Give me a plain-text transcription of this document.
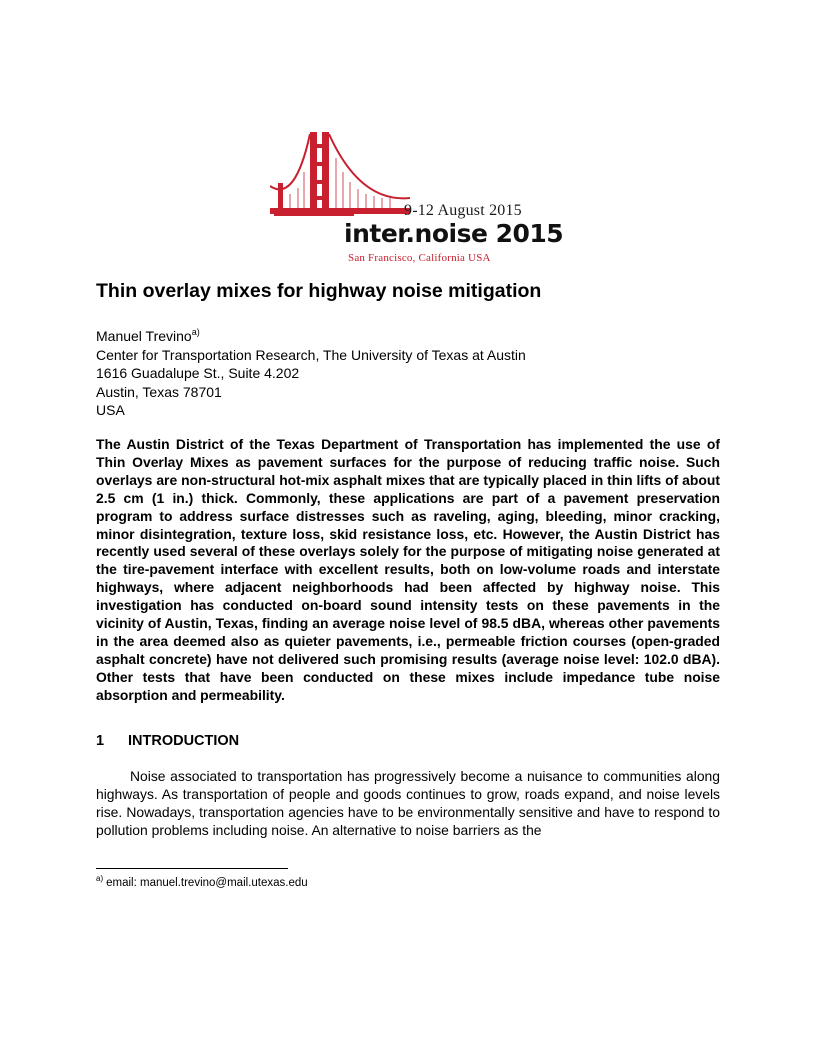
9-12 August 2015
inter.noise 2015
San Francisco, California USA
Thin overlay mixes for highway noise mitigation
Manuel Trevino$^{a)}$
Center for Transportation Research, The University of Texas at Austin
1616 Guadalupe St., Suite 4.202
Austin, Texas 78701
USA
The Austin District of the Texas Department of Transportation has implemented the use of Thin Overlay Mixes as pavement surfaces for the purpose of reducing traffic noise. Such overlays are non-structural hot-mix asphalt mixes that are typically placed in thin lifts of about 2.5 cm (1 in.) thick. Commonly, these applications are part of a pavement preservation program to address surface distresses such as raveling, aging, bleeding, minor cracking, minor disintegration, texture loss, skid resistance loss, etc. However, the Austin District has recently used several of these overlays solely for the purpose of mitigating noise generated at the tire-pavement interface with excellent results, both on low-volume roads and interstate highways, where adjacent neighborhoods had been affected by highway noise. This investigation has conducted on-board sound intensity tests on these pavements in the vicinity of Austin, Texas, finding an average noise level of 98.5 dBA, whereas other pavements in the area deemed also as quieter pavements, i.e., permeable friction courses (open-graded asphalt concrete) have not delivered such promising results (average noise level: 102.0 dBA). Other tests that have been conducted on these mixes include impedance tube noise absorption and permeability.
1 INTRODUCTION
Noise associated to transportation has progressively become a nuisance to communities along highways. As transportation of people and goods continues to grow, roads expand, and noise levels rise. Nowadays, transportation agencies have to be environmentally sensitive and have to respond to pollution problems including noise. An alternative to noise barriers as the
$^{a)}$ email: manuel.trevino@mail.utexas.edu
